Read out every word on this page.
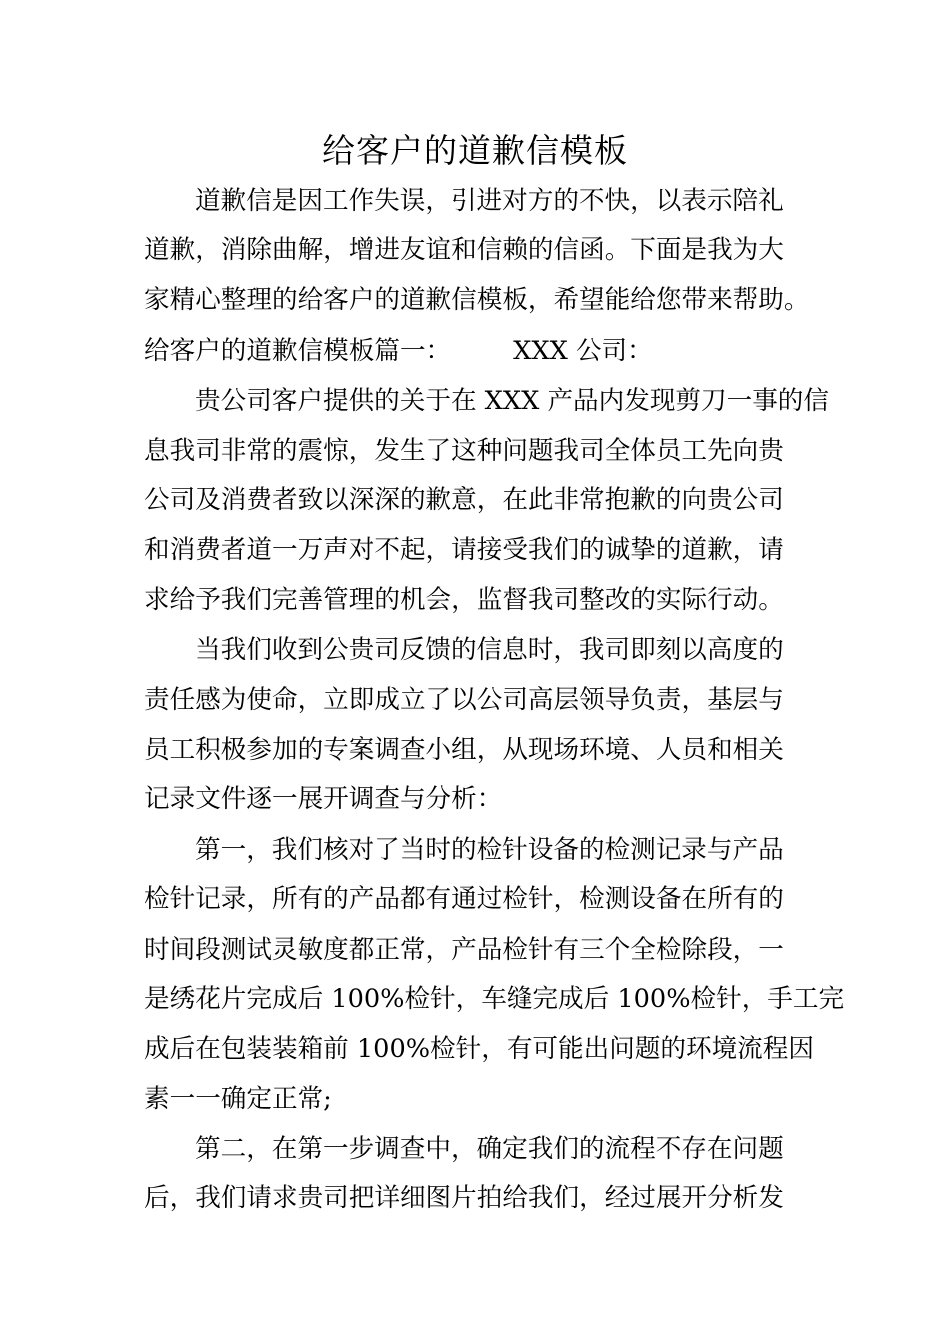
给客户的道歉信模板
道歉信是因工作失误，引进对方的不快，以表示陪礼
道歉，消除曲解，增进友谊和信赖的信函。下面是我为大
家精心整理的给客户的道歉信模板，希望能给您带来帮助。
给客户的道歉信模板篇一： XXX 公司：
贵公司客户提供的关于在 XXX 产品内发现剪刀一事的信
息我司非常的震惊，发生了这种问题我司全体员工先向贵
公司及消费者致以深深的歉意，在此非常抱歉的向贵公司
和消费者道一万声对不起，请接受我们的诚挚的道歉，请
求给予我们完善管理的机会，监督我司整改的实际行动。
当我们收到公贵司反馈的信息时，我司即刻以高度的
责任感为使命，立即成立了以公司高层领导负责，基层与
员工积极参加的专案调查小组，从现场环境、人员和相关
记录文件逐一展开调查与分析：
第一，我们核对了当时的检针设备的检测记录与产品
检针记录，所有的产品都有通过检针，检测设备在所有的
时间段测试灵敏度都正常，产品检针有三个全检除段，一
是绣花片完成后 100%检针，车缝完成后 100%检针，手工完
成后在包装装箱前 100%检针，有可能出问题的环境流程因
素一一确定正常;
第二，在第一步调查中，确定我们的流程不存在问题
后，我们请求贵司把详细图片拍给我们，经过展开分析发
